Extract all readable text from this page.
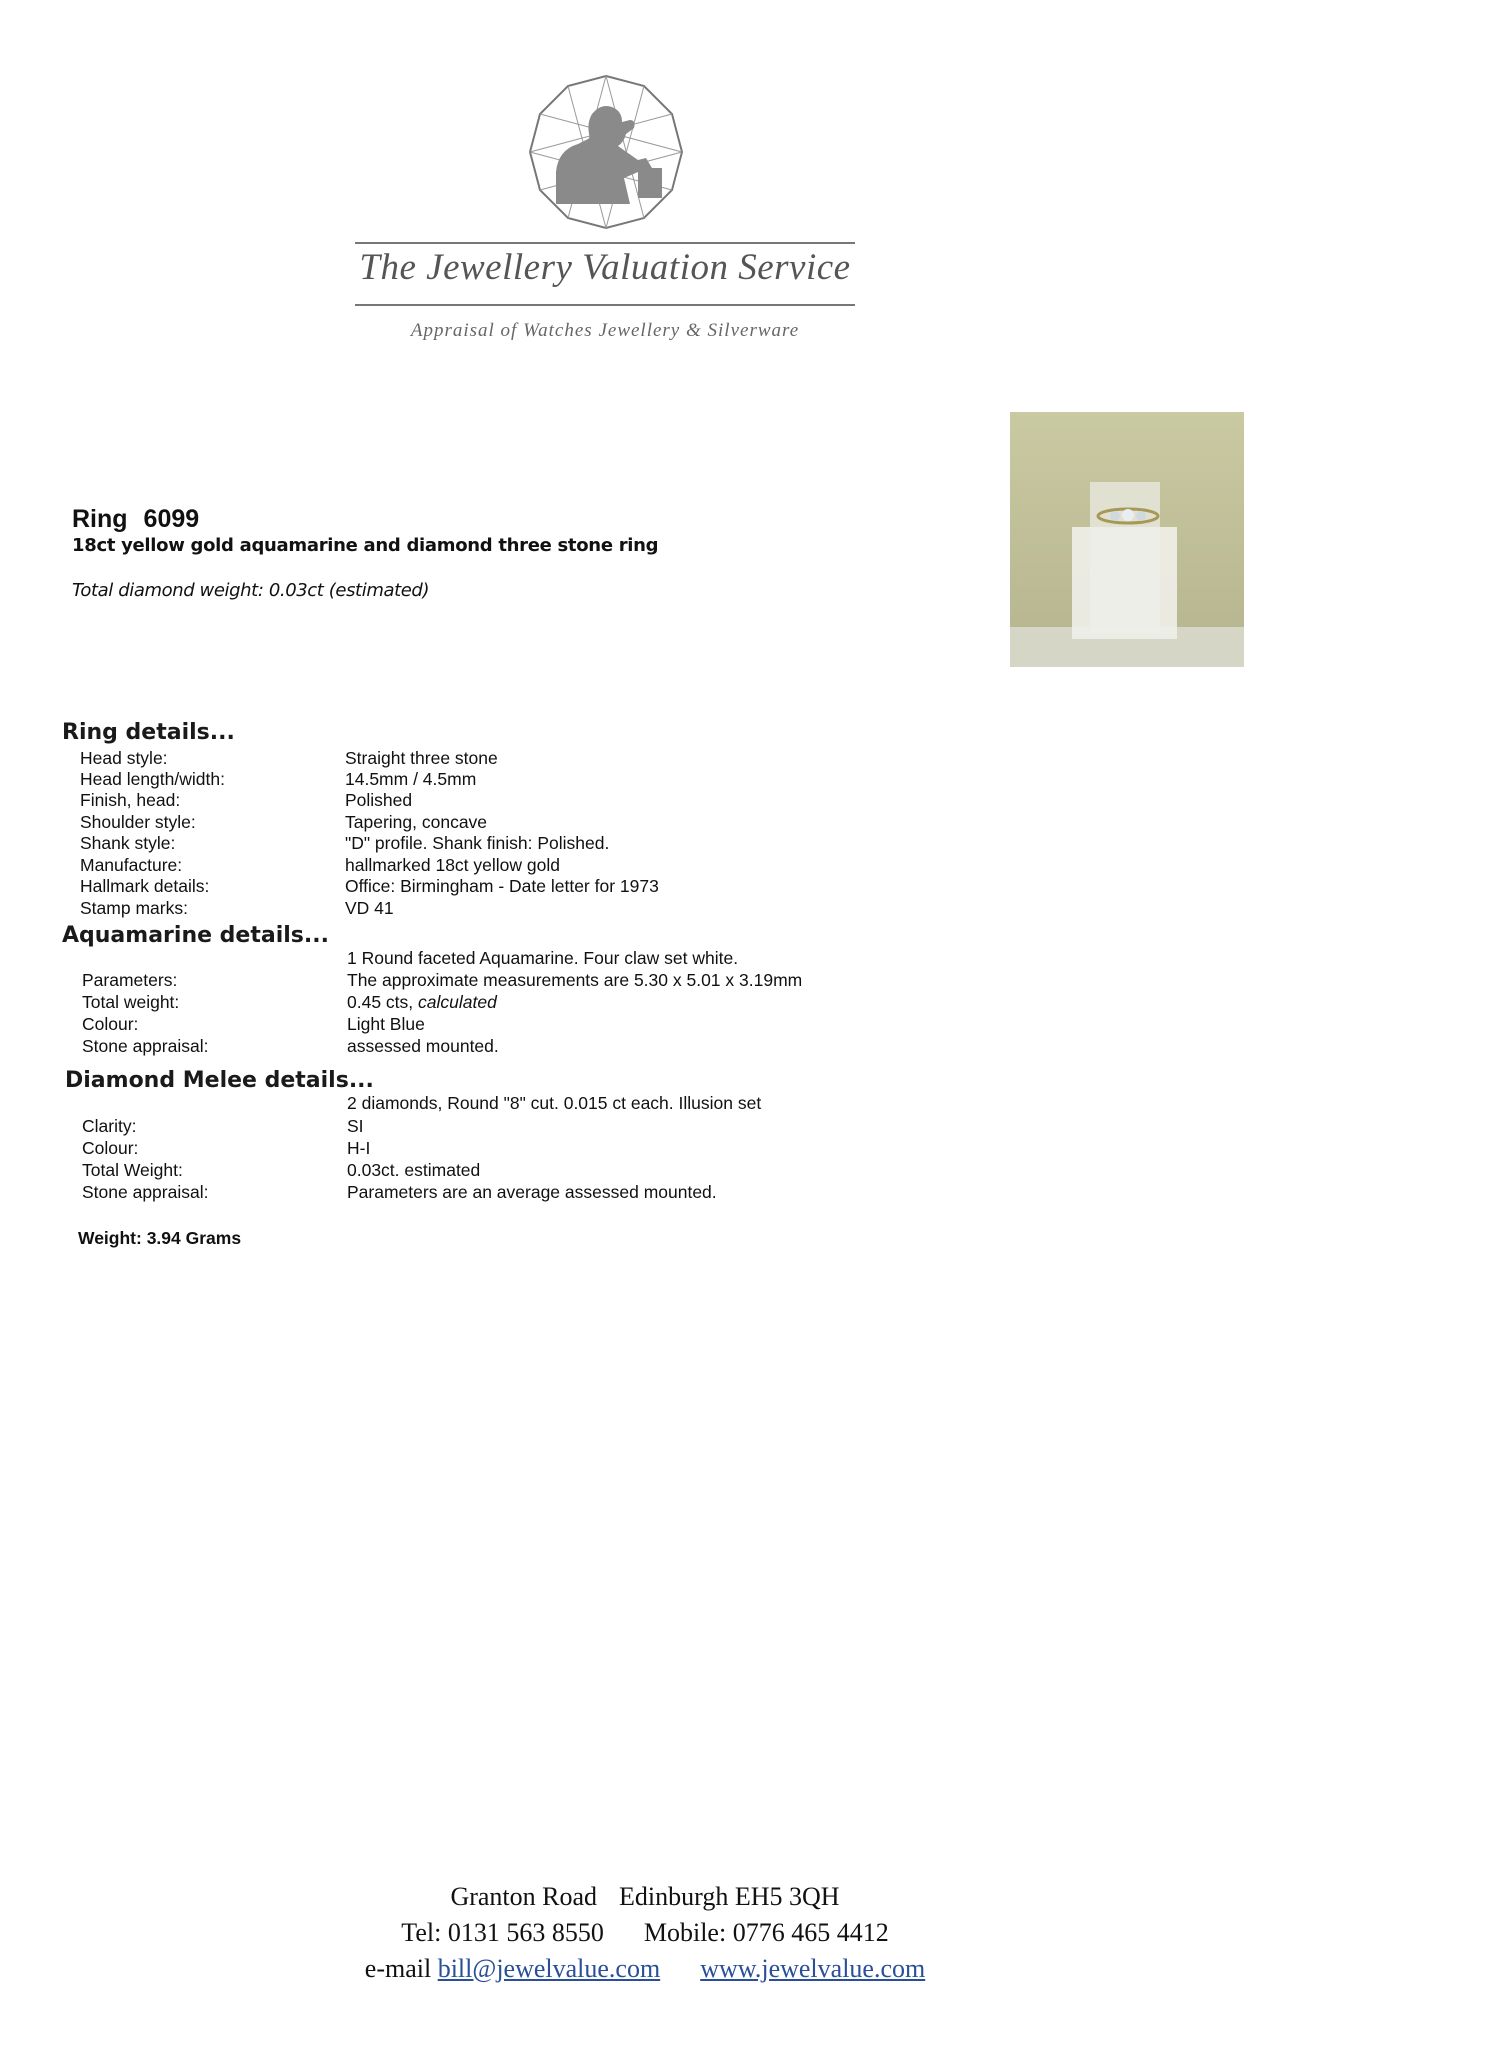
The Jewellery Valuation Service
Appraisal of Watches Jewellery & Silverware
Ring 6099
18ct yellow gold aquamarine and diamond three stone ring
Total diamond weight: 0.03ct (estimated)
Ring details...
Head style:	Straight three stone
Head length/width:	14.5mm / 4.5mm
Finish, head:	Polished
Shoulder style:	Tapering, concave
Shank style:	"D" profile. Shank finish: Polished.
Manufacture:	hallmarked 18ct yellow gold
Hallmark details:	Office: Birmingham - Date letter for 1973
Stamp marks:	VD 41
Aquamarine details...
1 Round faceted Aquamarine. Four claw set white.
Parameters:	The approximate measurements are 5.30 x 5.01 x 3.19mm
Total weight:	0.45 cts, calculated
Colour:	Light Blue
Stone appraisal:	assessed mounted.
Diamond Melee details...
2 diamonds, Round "8" cut. 0.015 ct each. Illusion set
Clarity:	SI
Colour:	H-I
Total Weight:	0.03ct. estimated
Stone appraisal:	Parameters are an average assessed mounted.
Weight: 3.94 Grams
Granton Road Edinburgh EH5 3QH
Tel: 0131 563 8550 Mobile: 0776 465 4412
e-mail bill@jewelvalue.com www.jewelvalue.com
